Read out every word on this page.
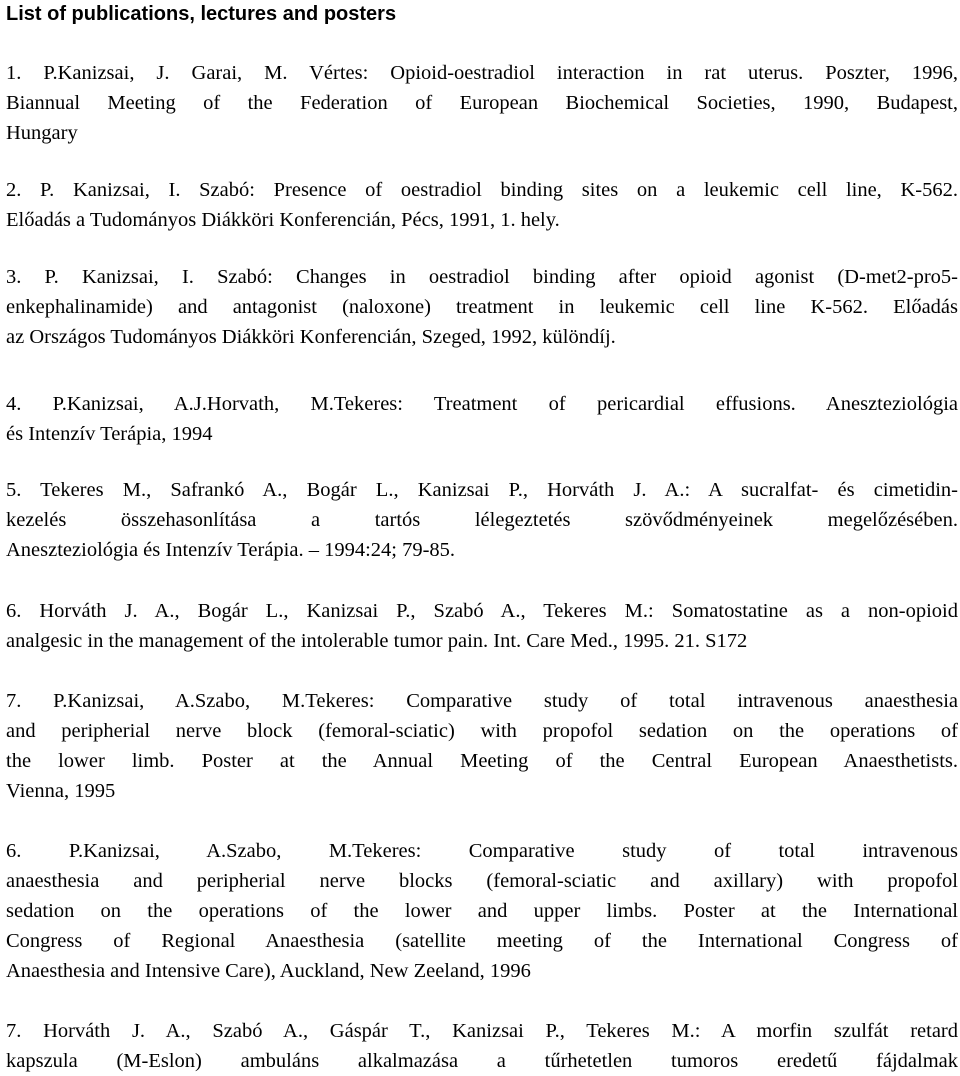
List of publications, lectures and posters
1. P.Kanizsai, J. Garai, M. Vértes: Opioid-oestradiol interaction in rat uterus. Poszter, 1996,
Biannual Meeting of the Federation of European Biochemical Societies, 1990, Budapest,
Hungary
2. P. Kanizsai, I. Szabó: Presence of oestradiol binding sites on a leukemic cell line, K-562.
Előadás a Tudományos Diákköri Konferencián, Pécs, 1991, 1. hely.
3. P. Kanizsai, I. Szabó: Changes in oestradiol binding after opioid agonist (D-met2-pro5-
enkephalinamide) and antagonist (naloxone) treatment in leukemic cell line K-562. Előadás
az Országos Tudományos Diákköri Konferencián, Szeged, 1992, különdíj.
4. P.Kanizsai, A.J.Horvath, M.Tekeres: Treatment of pericardial effusions. Aneszteziológia
és Intenzív Terápia, 1994
5. Tekeres M., Safrankó A., Bogár L., Kanizsai P., Horváth J. A.: A sucralfat- és cimetidin-
kezelés összehasonlítása a tartós lélegeztetés szövődményeinek megelőzésében.
Aneszteziológia és Intenzív Terápia. – 1994:24; 79-85.
6. Horváth J. A., Bogár L., Kanizsai P., Szabó A., Tekeres M.: Somatostatine as a non-opioid
analgesic in the management of the intolerable tumor pain. Int. Care Med., 1995. 21. S172
7. P.Kanizsai, A.Szabo, M.Tekeres: Comparative study of total intravenous anaesthesia
and peripherial nerve block (femoral-sciatic) with propofol sedation on the operations of
the lower limb. Poster at the Annual Meeting of the Central European Anaesthetists.
Vienna, 1995
6. P.Kanizsai, A.Szabo, M.Tekeres: Comparative study of total intravenous
anaesthesia and peripherial nerve blocks (femoral-sciatic and axillary) with propofol
sedation on the operations of the lower and upper limbs. Poster at the International
Congress of Regional Anaesthesia (satellite meeting of the International Congress of
Anaesthesia and Intensive Care), Auckland, New Zeeland, 1996
7. Horváth J. A., Szabó A., Gáspár T., Kanizsai P., Tekeres M.: A morfin szulfát retard
kapszula (M-Eslon) ambuláns alkalmazása a tűrhetetlen tumoros eredetű fájdalmak
